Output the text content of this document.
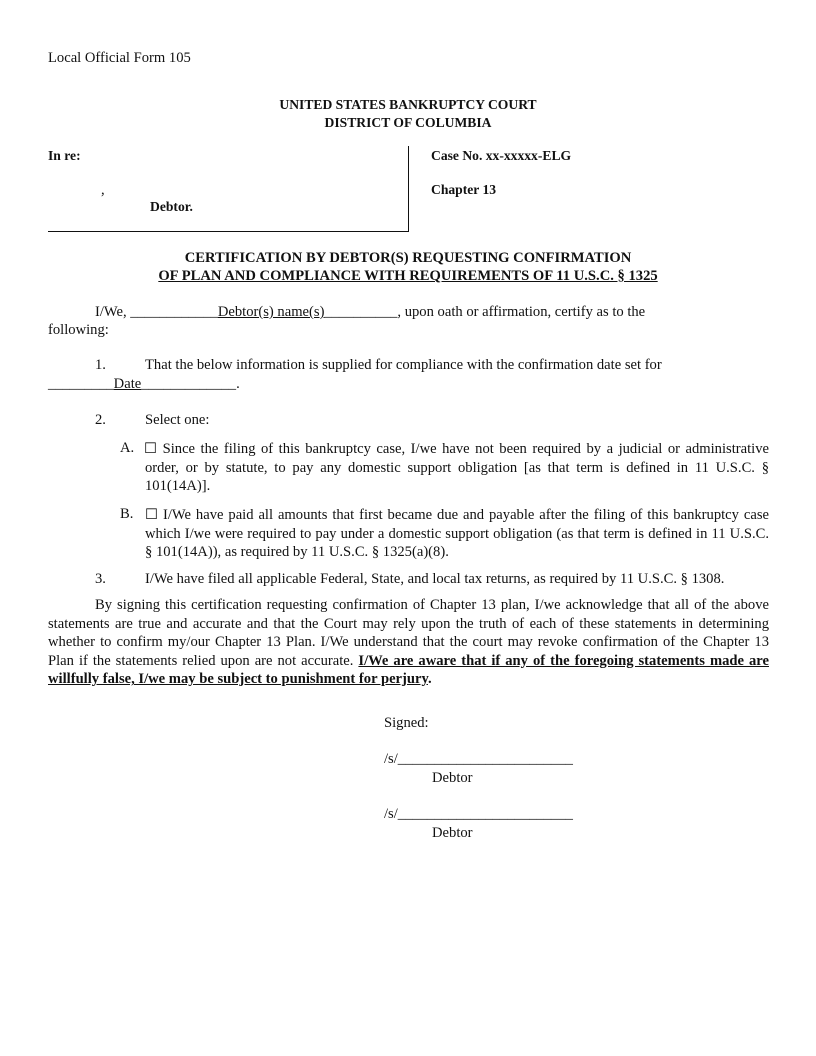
Local Official Form 105
UNITED STATES BANKRUPTCY COURT
DISTRICT OF COLUMBIA
In re:
,
Debtor.
Case No. xx-xxxxx-ELG
Chapter 13
CERTIFICATION BY DEBTOR(S) REQUESTING CONFIRMATION
OF PLAN AND COMPLIANCE WITH REQUIREMENTS OF 11 U.S.C. § 1325
I/We, ____________Debtor(s) name(s)__________, upon oath or affirmation, certify as to the
following:
1.	That the below information is supplied for compliance with the confirmation date set for
_________Date_____________.
2.	Select one:
A. ☐ Since the filing of this bankruptcy case, I/we have not been required by a judicial or administrative order, or by statute, to pay any domestic support obligation [as that term is defined in 11 U.S.C. § 101(14A)].
B. ☐ I/We have paid all amounts that first became due and payable after the filing of this bankruptcy case which I/we were required to pay under a domestic support obligation (as that term is defined in 11 U.S.C. § 101(14A)), as required by 11 U.S.C. § 1325(a)(8).
3.	I/We have filed all applicable Federal, State, and local tax returns, as required by 11 U.S.C. § 1308.
By signing this certification requesting confirmation of Chapter 13 plan, I/we acknowledge that all of the above statements are true and accurate and that the Court may rely upon the truth of each of these statements in determining whether to confirm my/our Chapter 13 Plan. I/We understand that the court may revoke confirmation of the Chapter 13 Plan if the statements relied upon are not accurate. I/We are aware that if any of the foregoing statements made are willfully false, I/we may be subject to punishment for perjury.
Signed:
/s/________________________
Debtor
/s/________________________
Debtor
